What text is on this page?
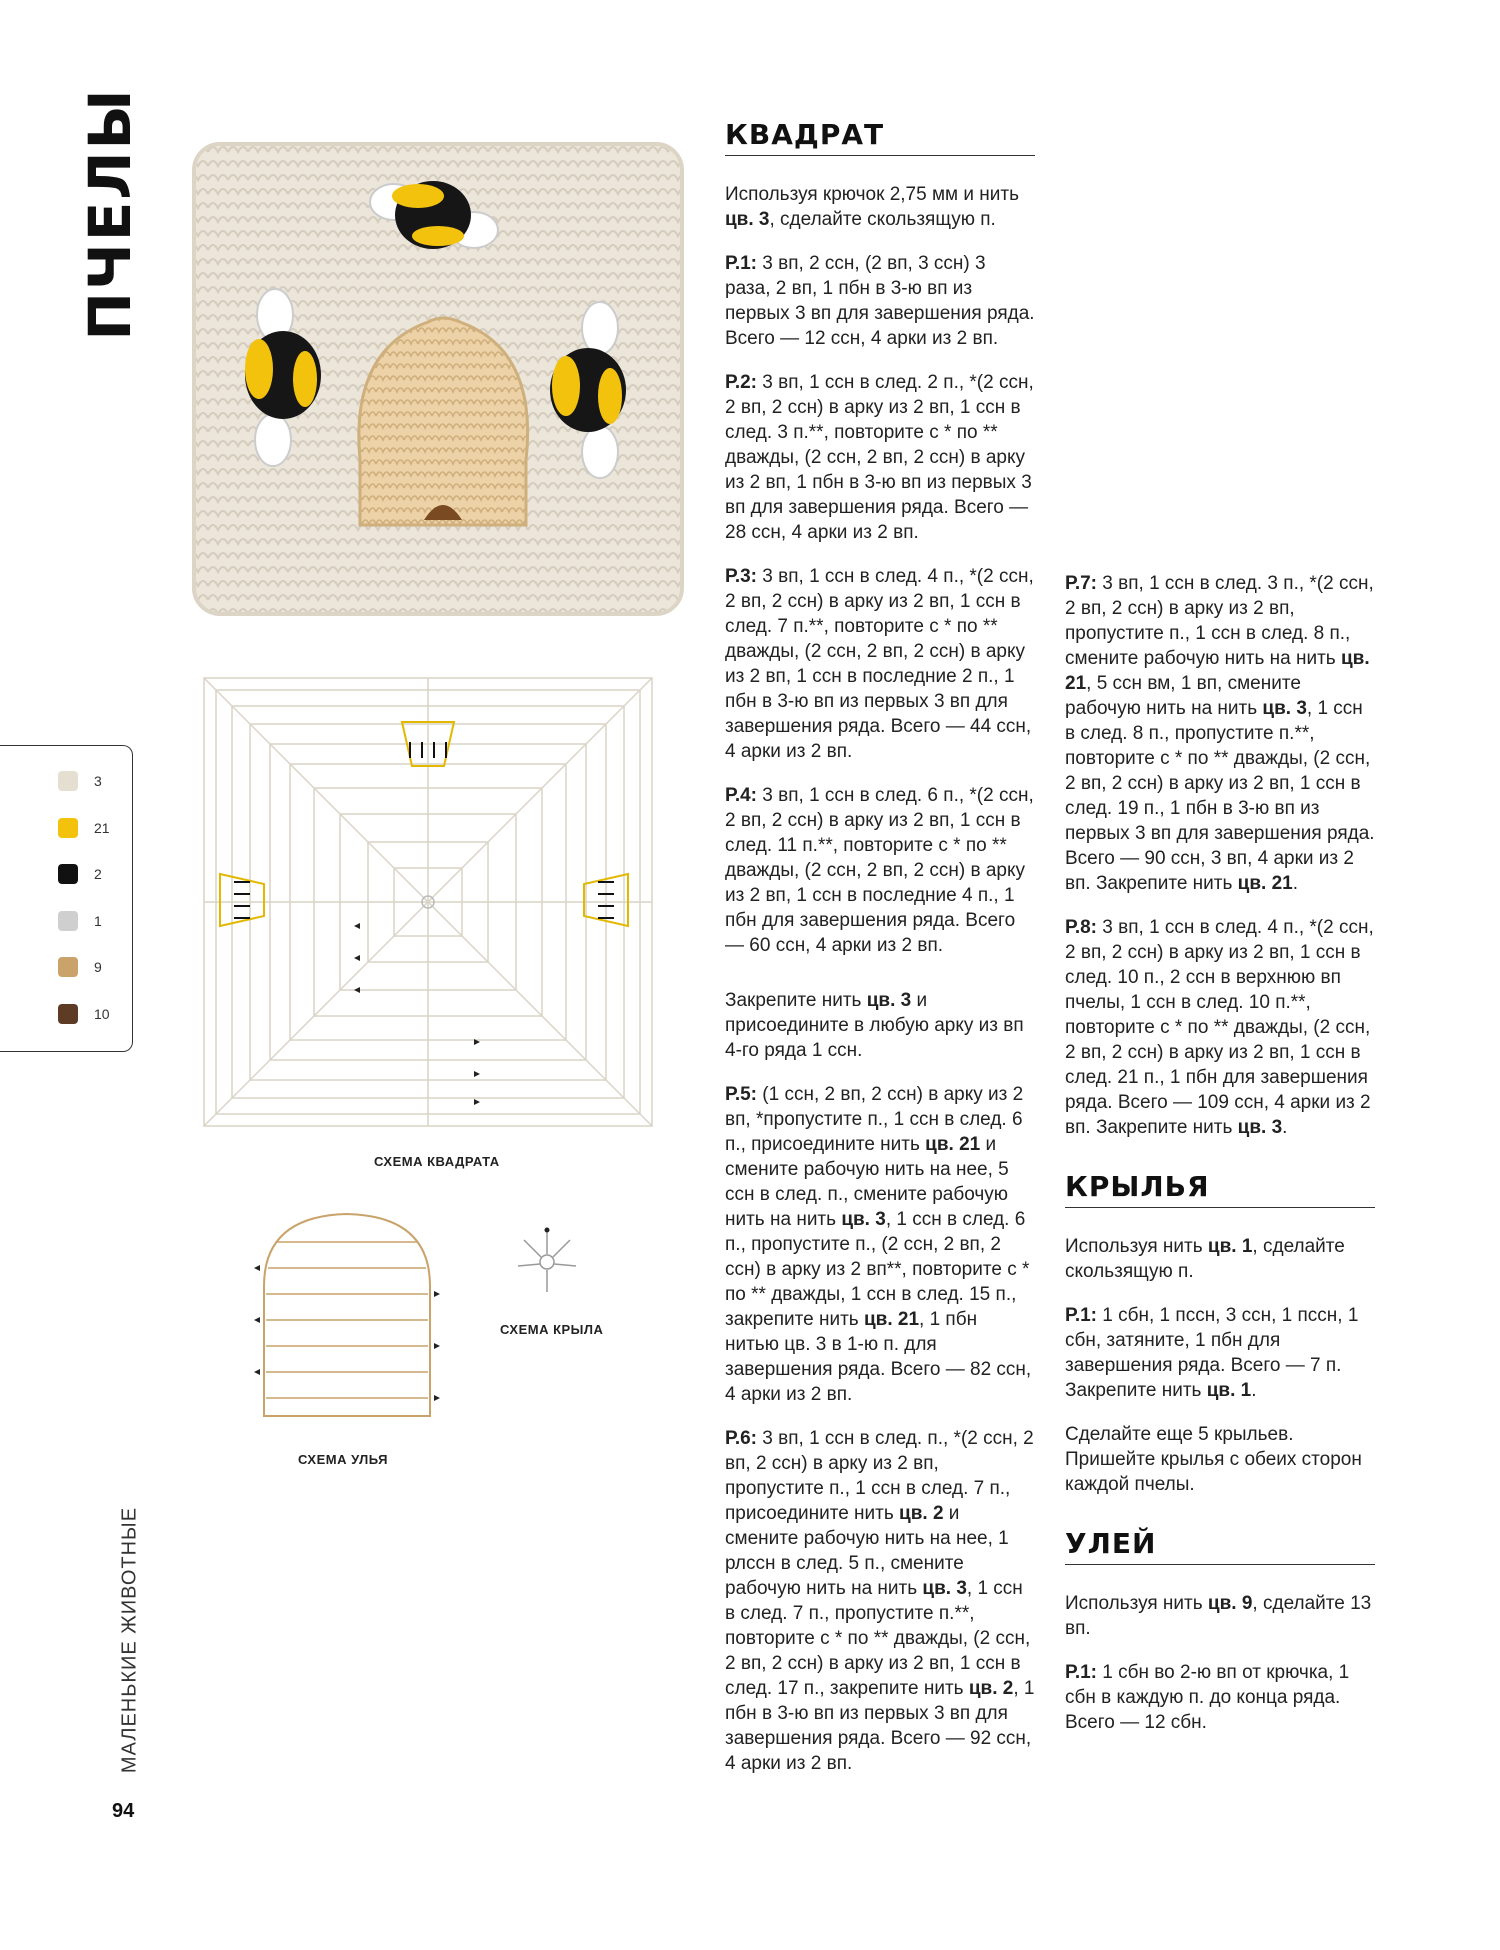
ПЧЕЛЫ
МАЛЕНЬКИЕ ЖИВОТНЫЕ
94
СХЕМА КВАДРАТА
3
21
2
1
9
10
СХЕМА УЛЬЯ
СХЕМА КРЫЛА
КВАДРАТ

Используя крючок 2,75 мм и нить цв. 3, сделайте скользящую п.

Р.1: 3 вп, 2 ссн, (2 вп, 3 ссн) 3 раза, 2 вп, 1 пбн в 3-ю вп из первых 3 вп для завершения ряда. Всего — 12 ссн, 4 арки из 2 вп.

Р.2: 3 вп, 1 ссн в след. 2 п., *(2 ссн, 2 вп, 2 ссн) в арку из 2 вп, 1 ссн в след. 3 п.**, повторите с * по ** дважды, (2 ссн, 2 вп, 2 ссн) в арку из 2 вп, 1 пбн в 3-ю вп из первых 3 вп для завершения ряда. Всего — 28 ссн, 4 арки из 2 вп.

Р.3: 3 вп, 1 ссн в след. 4 п., *(2 ссн, 2 вп, 2 ссн) в арку из 2 вп, 1 ссн в след. 7 п.**, повторите с * по ** дважды, (2 ссн, 2 вп, 2 ссн) в арку из 2 вп, 1 ссн в последние 2 п., 1 пбн в 3-ю вп из первых 3 вп для завершения ряда. Всего — 44 ссн, 4 арки из 2 вп.

Р.4: 3 вп, 1 ссн в след. 6 п., *(2 ссн, 2 вп, 2 ссн) в арку из 2 вп, 1 ссн в след. 11 п.**, повторите с * по ** дважды, (2 ссн, 2 вп, 2 ссн) в арку из 2 вп, 1 ссн в последние 4 п., 1 пбн для завершения ряда. Всего — 60 ссн, 4 арки из 2 вп.

Закрепите нить цв. 3 и присоедините в любую арку из вп 4-го ряда 1 ссн.

Р.5: (1 ссн, 2 вп, 2 ссн) в арку из 2 вп, *пропустите п., 1 ссн в след. 6 п., присоедините нить цв. 21 и смените рабочую нить на нее, 5 ссн в след. п., смените рабочую нить на нить цв. 3, 1 ссн в след. 6 п., пропустите п., (2 ссн, 2 вп, 2 ссн) в арку из 2 вп**, повторите с * по ** дважды, 1 ссн в след. 15 п., закрепите нить цв. 21, 1 пбн нитью цв. 3 в 1-ю п. для завершения ряда. Всего — 82 ссн, 4 арки из 2 вп.

Р.6: 3 вп, 1 ссн в след. п., *(2 ссн, 2 вп, 2 ссн) в арку из 2 вп, пропустите п., 1 ссн в след. 7 п., присоедините нить цв. 2 и смените рабочую нить на нее, 1 рлссн в след. 5 п., смените рабочую нить на нить цв. 3, 1 ссн в след. 7 п., пропустите п.**, повторите с * по ** дважды, (2 ссн, 2 вп, 2 ссн) в арку из 2 вп, 1 ссн в след. 17 п., закрепите нить цв. 2, 1 пбн в 3-ю вп из первых 3 вп для завершения ряда. Всего — 92 ссн, 4 арки из 2 вп.

Р.7: 3 вп, 1 ссн в след. 3 п., *(2 ссн, 2 вп, 2 ссн) в арку из 2 вп, пропустите п., 1 ссн в след. 8 п., смените рабочую нить на нить цв. 21, 5 ссн вм, 1 вп, смените рабочую нить на нить цв. 3, 1 ссн в след. 8 п., пропустите п.**, повторите с * по ** дважды, (2 ссн, 2 вп, 2 ссн) в арку из 2 вп, 1 ссн в след. 19 п., 1 пбн в 3-ю вп из первых 3 вп для завершения ряда. Всего — 90 ссн, 3 вп, 4 арки из 2 вп. Закрепите нить цв. 21.

Р.8: 3 вп, 1 ссн в след. 4 п., *(2 ссн, 2 вп, 2 ссн) в арку из 2 вп, 1 ссн в след. 10 п., 2 ссн в верхнюю вп пчелы, 1 ссн в след. 10 п.**, повторите с * по ** дважды, (2 ссн, 2 вп, 2 ссн) в арку из 2 вп, 1 ссн в след. 21 п., 1 пбн для завершения ряда. Всего — 109 ссн, 4 арки из 2 вп. Закрепите нить цв. 3.

КРЫЛЬЯ

Используя нить цв. 1, сделайте скользящую п.

Р.1: 1 сбн, 1 пссн, 3 ссн, 1 пссн, 1 сбн, затяните, 1 пбн для завершения ряда. Всего — 7 п. Закрепите нить цв. 1.

Сделайте еще 5 крыльев. Пришейте крылья с обеих сторон каждой пчелы.

УЛЕЙ

Используя нить цв. 9, сделайте 13 вп.

Р.1: 1 сбн во 2-ю вп от крючка, 1 сбн в каждую п. до конца ряда. Всего — 12 сбн.
